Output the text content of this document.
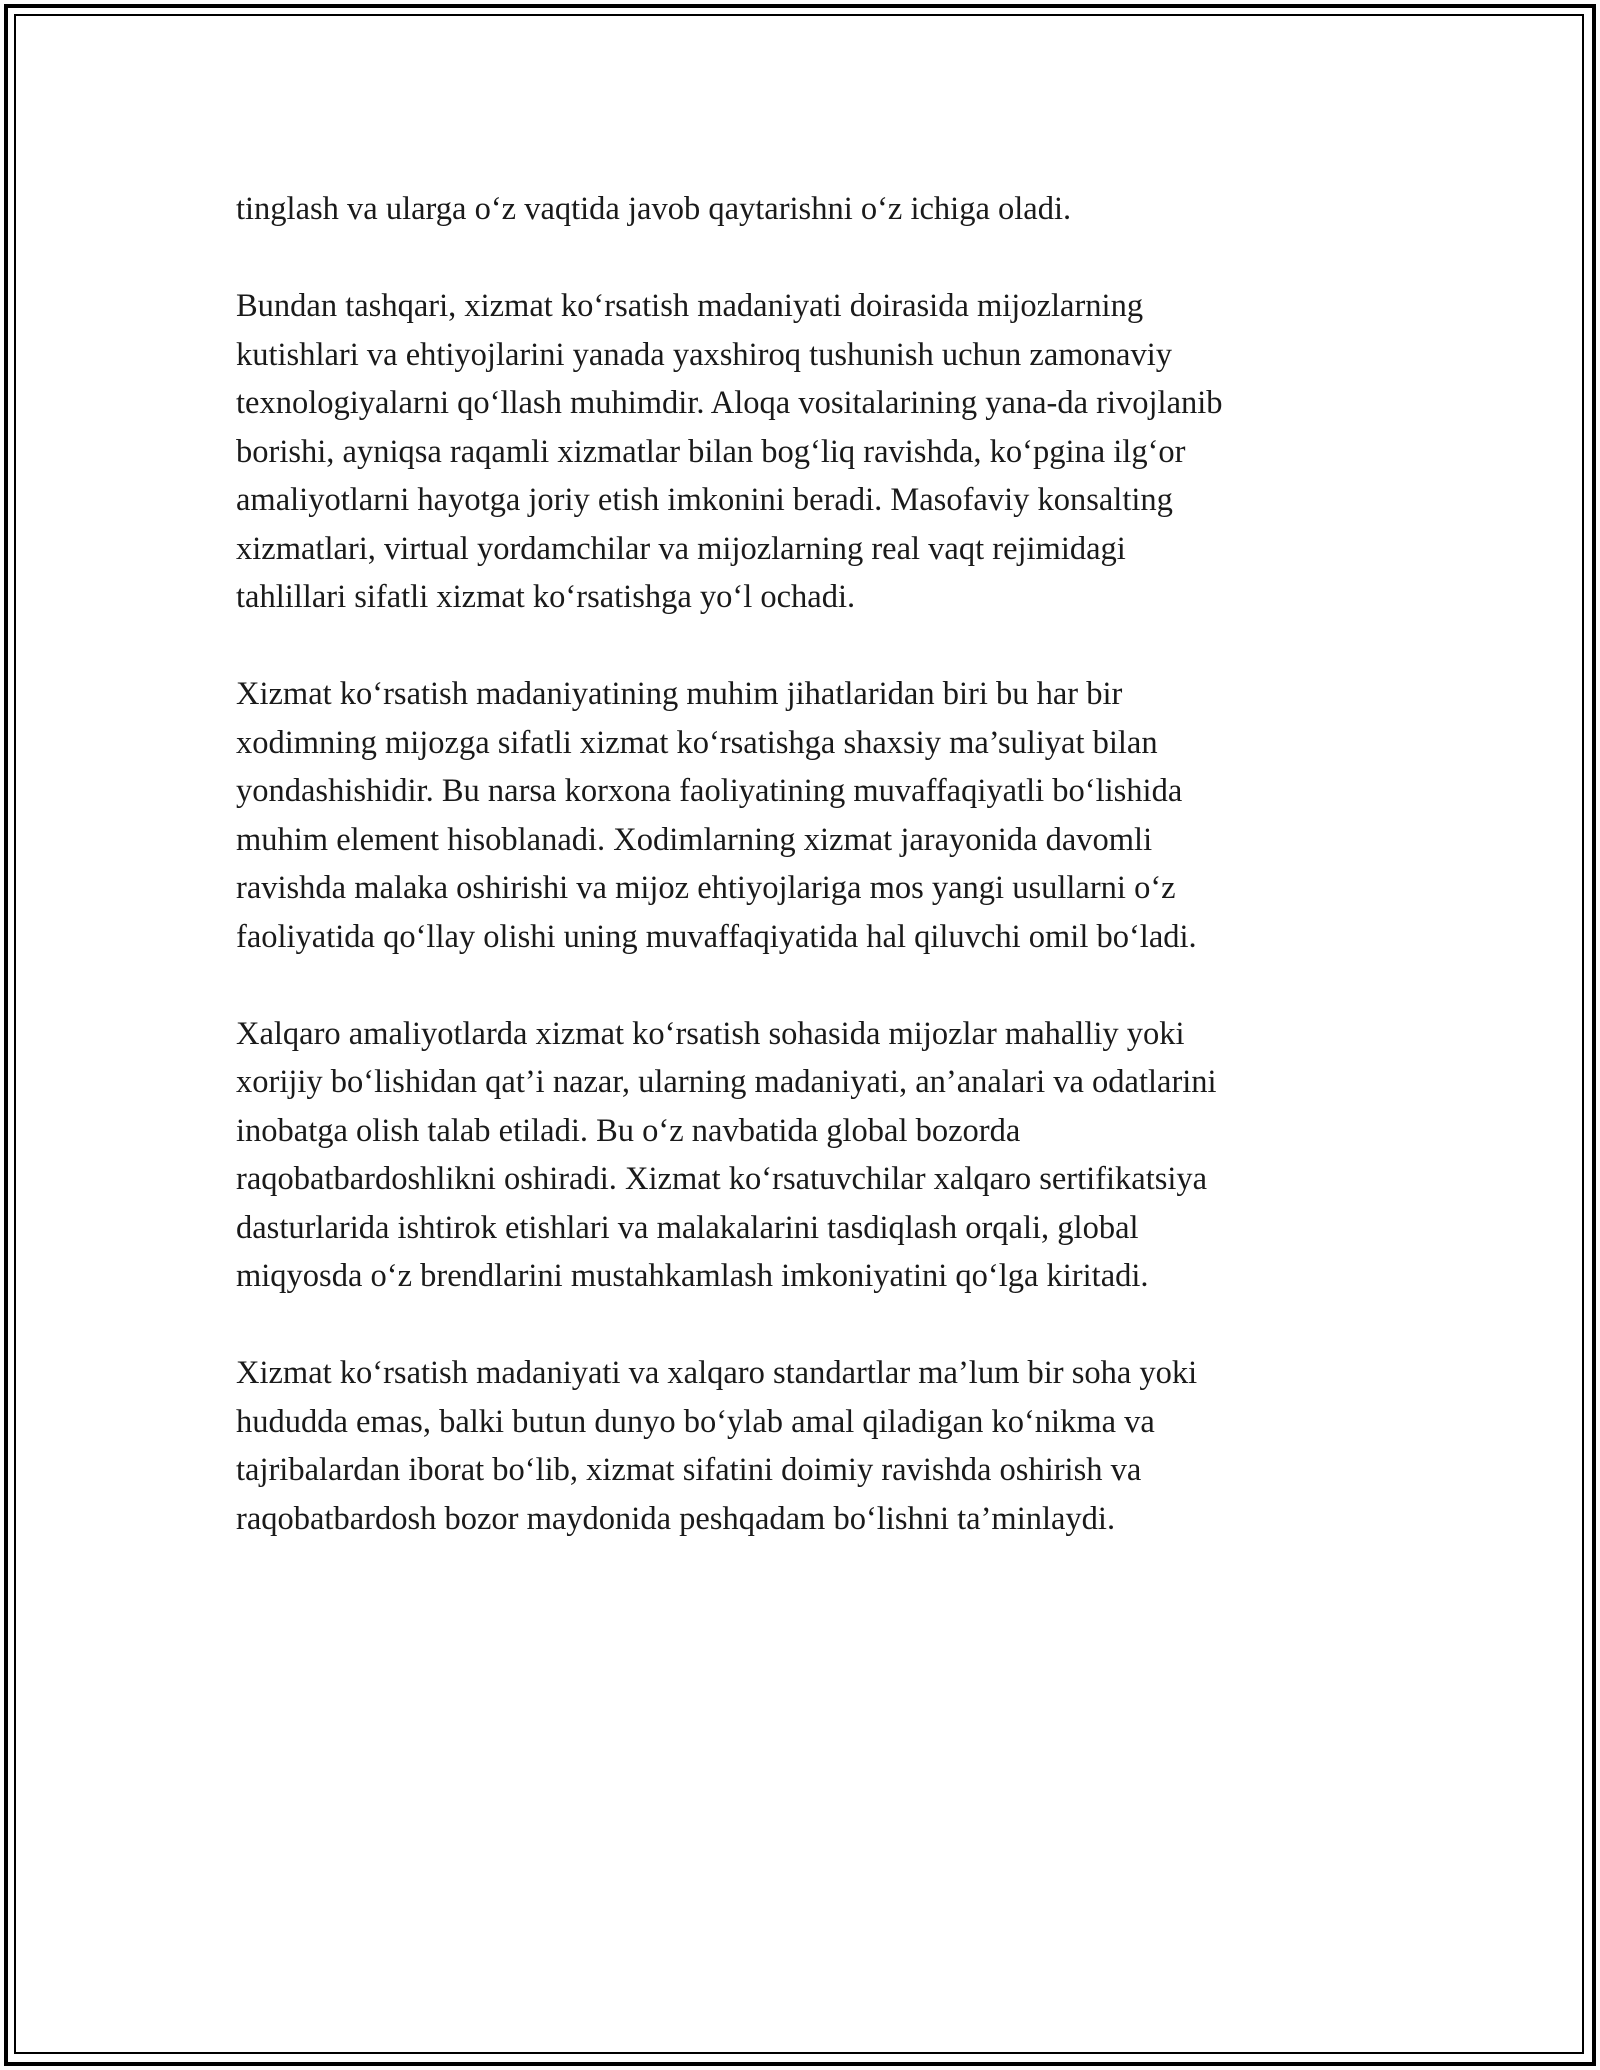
tinglash va ularga o‘z vaqtida javob qaytarishni o‘z ichiga oladi.

Bundan tashqari, xizmat ko‘rsatish madaniyati doirasida mijozlarning
kutishlari va ehtiyojlarini yanada yaxshiroq tushunish uchun zamonaviy
texnologiyalarni qo‘llash muhimdir. Aloqa vositalarining yana-da rivojlanib
borishi, ayniqsa raqamli xizmatlar bilan bog‘liq ravishda, ko‘pgina ilg‘or
amaliyotlarni hayotga joriy etish imkonini beradi. Masofaviy konsalting
xizmatlari, virtual yordamchilar va mijozlarning real vaqt rejimidagi
tahlillari sifatli xizmat ko‘rsatishga yo‘l ochadi.

Xizmat ko‘rsatish madaniyatining muhim jihatlaridan biri bu har bir
xodimning mijozga sifatli xizmat ko‘rsatishga shaxsiy ma’suliyat bilan
yondashishidir. Bu narsa korxona faoliyatining muvaffaqiyatli bo‘lishida
muhim element hisoblanadi. Xodimlarning xizmat jarayonida davomli
ravishda malaka oshirishi va mijoz ehtiyojlariga mos yangi usullarni o‘z
faoliyatida qo‘llay olishi uning muvaffaqiyatida hal qiluvchi omil bo‘ladi.

Xalqaro amaliyotlarda xizmat ko‘rsatish sohasida mijozlar mahalliy yoki
xorijiy bo‘lishidan qat’i nazar, ularning madaniyati, an’analari va odatlarini
inobatga olish talab etiladi. Bu o‘z navbatida global bozorda
raqobatbardoshlikni oshiradi. Xizmat ko‘rsatuvchilar xalqaro sertifikatsiya
dasturlarida ishtirok etishlari va malakalarini tasdiqlash orqali, global
miqyosda o‘z brendlarini mustahkamlash imkoniyatini qo‘lga kiritadi.

Xizmat ko‘rsatish madaniyati va xalqaro standartlar ma’lum bir soha yoki
hududda emas, balki butun dunyo bo‘ylab amal qiladigan ko‘nikma va
tajribalardan iborat bo‘lib, xizmat sifatini doimiy ravishda oshirish va
raqobatbardosh bozor maydonida peshqadam bo‘lishni ta’minlaydi.
